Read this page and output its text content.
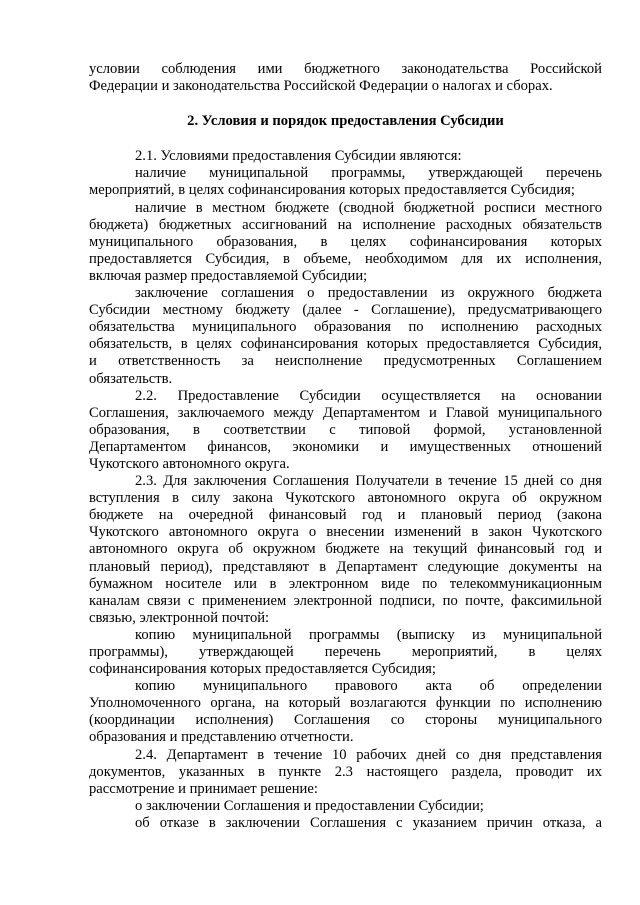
условии соблюдения ими бюджетного законодательства Российской
Федерации и законодательства Российской Федерации о налогах и сборах.
2. Условия и порядок предоставления Субсидии
2.1. Условиями предоставления Субсидии являются:
наличие муниципальной программы, утверждающей перечень
мероприятий, в целях софинансирования которых предоставляется Субсидия;
наличие в местном бюджете (сводной бюджетной росписи местного
бюджета) бюджетных ассигнований на исполнение расходных обязательств
муниципального образования, в целях софинансирования которых
предоставляется Субсидия, в объеме, необходимом для их исполнения,
включая размер предоставляемой Субсидии;
заключение соглашения о предоставлении из окружного бюджета
Субсидии местному бюджету (далее - Соглашение), предусматривающего
обязательства муниципального образования по исполнению расходных
обязательств, в целях софинансирования которых предоставляется Субсидия,
и ответственность за неисполнение предусмотренных Соглашением
обязательств.
2.2. Предоставление Субсидии осуществляется на основании
Соглашения, заключаемого между Департаментом и Главой муниципального
образования, в соответствии с типовой формой, установленной
Департаментом финансов, экономики и имущественных отношений
Чукотского автономного округа.
2.3. Для заключения Соглашения Получатели в течение 15 дней со дня
вступления в силу закона Чукотского автономного округа об окружном
бюджете на очередной финансовый год и плановый период (закона
Чукотского автономного округа о внесении изменений в закон Чукотского
автономного округа об окружном бюджете на текущий финансовый год и
плановый период), представляют в Департамент следующие документы на
бумажном носителе или в электронном виде по телекоммуникационным
каналам связи с применением электронной подписи, по почте, факсимильной
связью, электронной почтой:
копию муниципальной программы (выписку из муниципальной
программы), утверждающей перечень мероприятий, в целях
софинансирования которых предоставляется Субсидия;
копию муниципального правового акта об определении
Уполномоченного органа, на который возлагаются функции по исполнению
(координации исполнения) Соглашения со стороны муниципального
образования и представлению отчетности.
2.4. Департамент в течение 10 рабочих дней со дня представления
документов, указанных в пункте 2.3 настоящего раздела, проводит их
рассмотрение и принимает решение:
о заключении Соглашения и предоставлении Субсидии;
об отказе в заключении Соглашения с указанием причин отказа, а
